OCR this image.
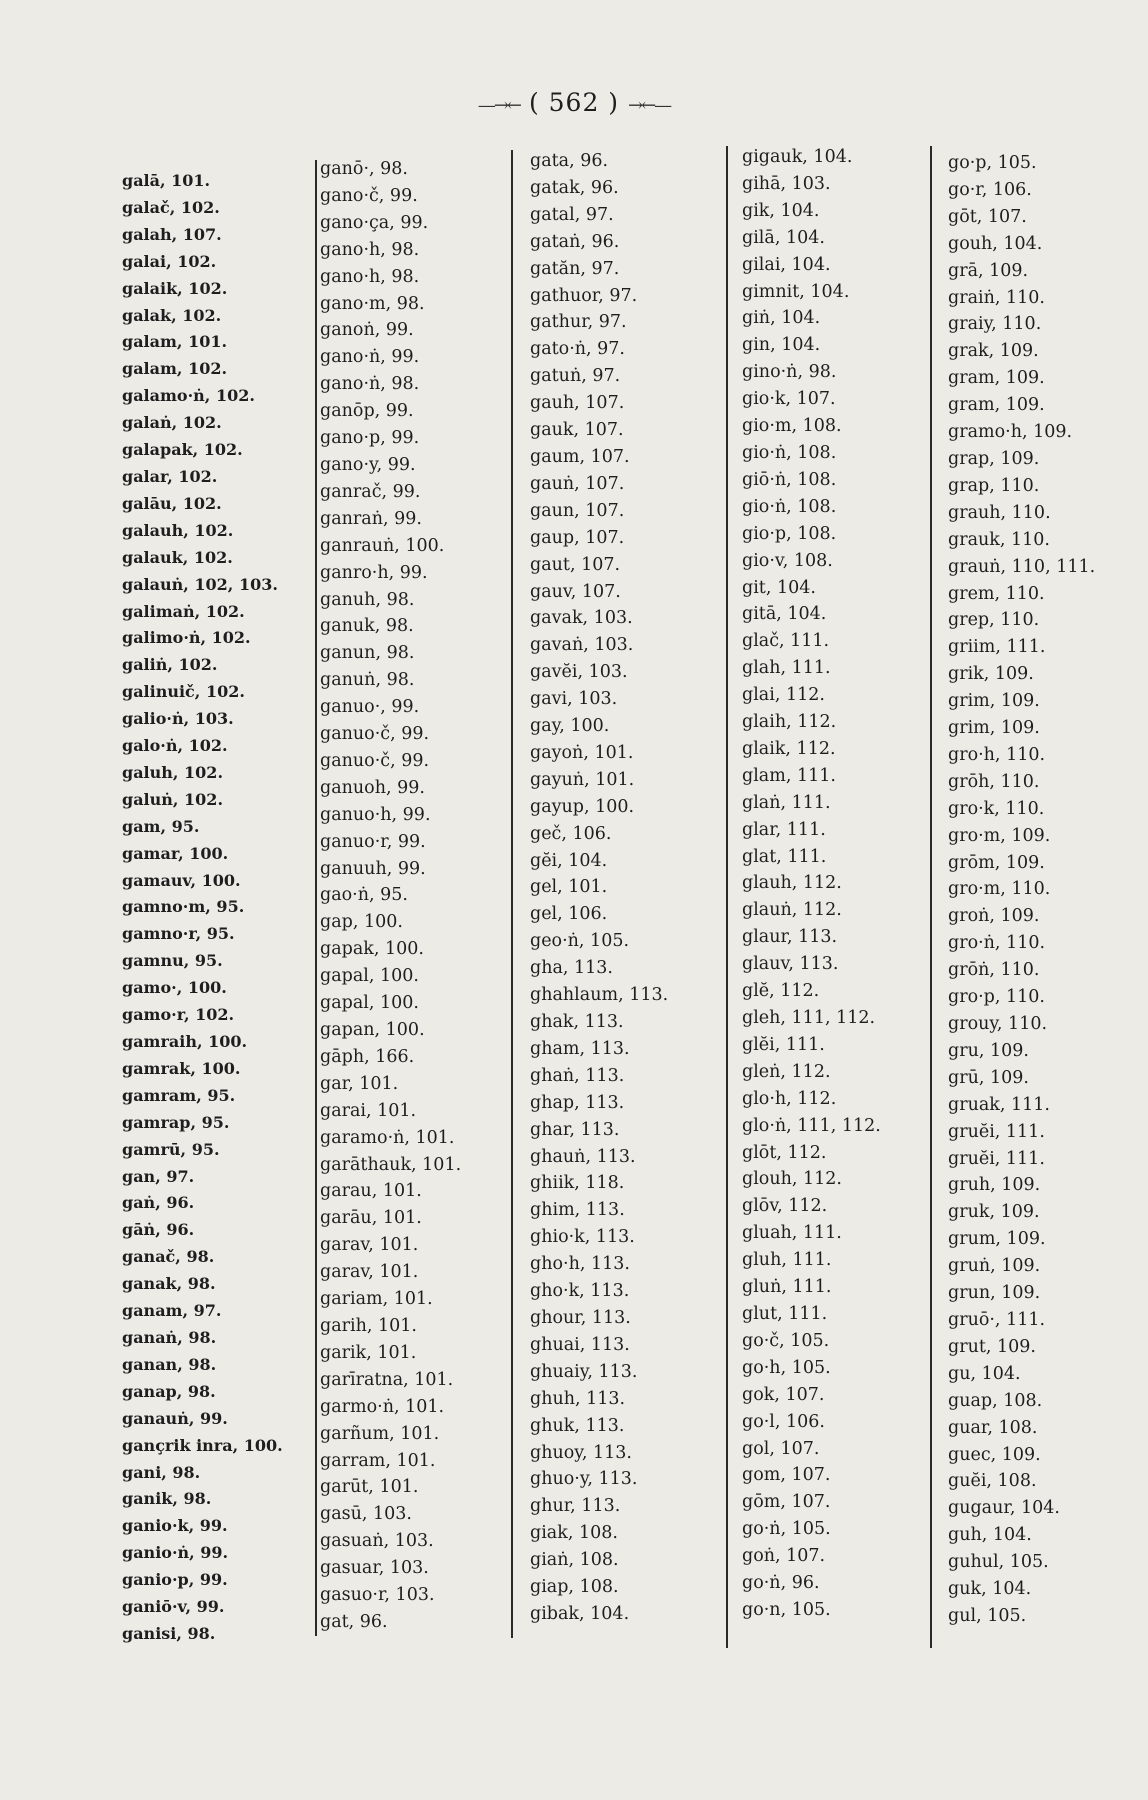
—→← ( 562 ) →←—
galā, 101.
galač, 102.
galah, 107.
galai, 102.
galaik, 102.
galak, 102.
galam, 101.
galam, 102.
galamo·ṅ, 102.
galaṅ, 102.
galapak, 102.
galar, 102.
galāu, 102.
galauh, 102.
galauk, 102.
galauṅ, 102, 103.
galimaṅ, 102.
galimo·ṅ, 102.
galiṅ, 102.
galinuič, 102.
galio·ṅ, 103.
galo·ṅ, 102.
galuh, 102.
galuṅ, 102.
gam, 95.
gamar, 100.
gamauv, 100.
gamno·m, 95.
gamno·r, 95.
gamnu, 95.
gamo·, 100.
gamo·r, 102.
gamraih, 100.
gamrak, 100.
gamram, 95.
gamrap, 95.
gamrū, 95.
gan, 97.
gaṅ, 96.
gāṅ, 96.
ganač, 98.
ganak, 98.
ganam, 97.
ganaṅ, 98.
ganan, 98.
ganap, 98.
ganauṅ, 99.
gançrik inra, 100.
gani, 98.
ganik, 98.
ganio·k, 99.
ganio·ṅ, 99.
ganio·p, 99.
ganiō·v, 99.
ganisi, 98.
ganō·, 98.
gano·č, 99.
gano·ça, 99.
gano·h, 98.
gano·h, 98.
gano·m, 98.
ganoṅ, 99.
gano·ṅ, 99.
gano·ṅ, 98.
ganōp, 99.
gano·p, 99.
gano·y, 99.
ganrač, 99.
ganraṅ, 99.
ganrauṅ, 100.
ganro·h, 99.
ganuh, 98.
ganuk, 98.
ganun, 98.
ganuṅ, 98.
ganuo·, 99.
ganuo·č, 99.
ganuo·č, 99.
ganuoh, 99.
ganuo·h, 99.
ganuo·r, 99.
ganuuh, 99.
gao·ṅ, 95.
gap, 100.
gapak, 100.
gapal, 100.
gapal, 100.
gapan, 100.
gāph, 166.
gar, 101.
garai, 101.
garamo·ṅ, 101.
garāthauk, 101.
garau, 101.
garāu, 101.
garav, 101.
garav, 101.
gariam, 101.
garih, 101.
garik, 101.
garīratna, 101.
garmo·ṅ, 101.
garñum, 101.
garram, 101.
garūt, 101.
gasū, 103.
gasuaṅ, 103.
gasuar, 103.
gasuo·r, 103.
gat, 96.
gata, 96.
gatak, 96.
gatal, 97.
gataṅ, 96.
gatăn, 97.
gathuor, 97.
gathur, 97.
gato·ṅ, 97.
gatuṅ, 97.
gauh, 107.
gauk, 107.
gaum, 107.
gauṅ, 107.
gaun, 107.
gaup, 107.
gaut, 107.
gauv, 107.
gavak, 103.
gavaṅ, 103.
gavĕi, 103.
gavi, 103.
gay, 100.
gayoṅ, 101.
gayuṅ, 101.
gayup, 100.
geč, 106.
gĕi, 104.
gel, 101.
gel, 106.
geo·ṅ, 105.
gha, 113.
ghahlaum, 113.
ghak, 113.
gham, 113.
ghaṅ, 113.
ghap, 113.
ghar, 113.
ghauṅ, 113.
ghiik, 118.
ghim, 113.
ghio·k, 113.
gho·h, 113.
gho·k, 113.
ghour, 113.
ghuai, 113.
ghuaiy, 113.
ghuh, 113.
ghuk, 113.
ghuoy, 113.
ghuo·y, 113.
ghur, 113.
giak, 108.
giaṅ, 108.
giap, 108.
gibak, 104.
gigauk, 104.
gihā, 103.
gik, 104.
gilā, 104.
gilai, 104.
gimnit, 104.
giṅ, 104.
gin, 104.
gino·ṅ, 98.
gio·k, 107.
gio·m, 108.
gio·ṅ, 108.
giō·ṅ, 108.
gio·ṅ, 108.
gio·p, 108.
gio·v, 108.
git, 104.
gitā, 104.
glač, 111.
glah, 111.
glai, 112.
glaih, 112.
glaik, 112.
glam, 111.
glaṅ, 111.
glar, 111.
glat, 111.
glauh, 112.
glauṅ, 112.
glaur, 113.
glauv, 113.
glĕ, 112.
gleh, 111, 112.
glĕi, 111.
gleṅ, 112.
glo·h, 112.
glo·ṅ, 111, 112.
glōt, 112.
glouh, 112.
glōv, 112.
gluah, 111.
gluh, 111.
gluṅ, 111.
glut, 111.
go·č, 105.
go·h, 105.
gok, 107.
go·l, 106.
gol, 107.
gom, 107.
gōm, 107.
go·ṅ, 105.
goṅ, 107.
go·ṅ, 96.
go·n, 105.
go·p, 105.
go·r, 106.
gōt, 107.
gouh, 104.
grā, 109.
graiṅ, 110.
graiy, 110.
grak, 109.
gram, 109.
gram, 109.
gramo·h, 109.
grap, 109.
grap, 110.
grauh, 110.
grauk, 110.
grauṅ, 110, 111.
grem, 110.
grep, 110.
griim, 111.
grik, 109.
grim, 109.
grim, 109.
gro·h, 110.
grōh, 110.
gro·k, 110.
gro·m, 109.
grōm, 109.
gro·m, 110.
groṅ, 109.
gro·ṅ, 110.
grōṅ, 110.
gro·p, 110.
grouy, 110.
gru, 109.
grū, 109.
gruak, 111.
gruĕi, 111.
gruĕi, 111.
gruh, 109.
gruk, 109.
grum, 109.
gruṅ, 109.
grun, 109.
gruō·, 111.
grut, 109.
gu, 104.
guap, 108.
guar, 108.
guec, 109.
guĕi, 108.
gugaur, 104.
guh, 104.
guhul, 105.
guk, 104.
gul, 105.
